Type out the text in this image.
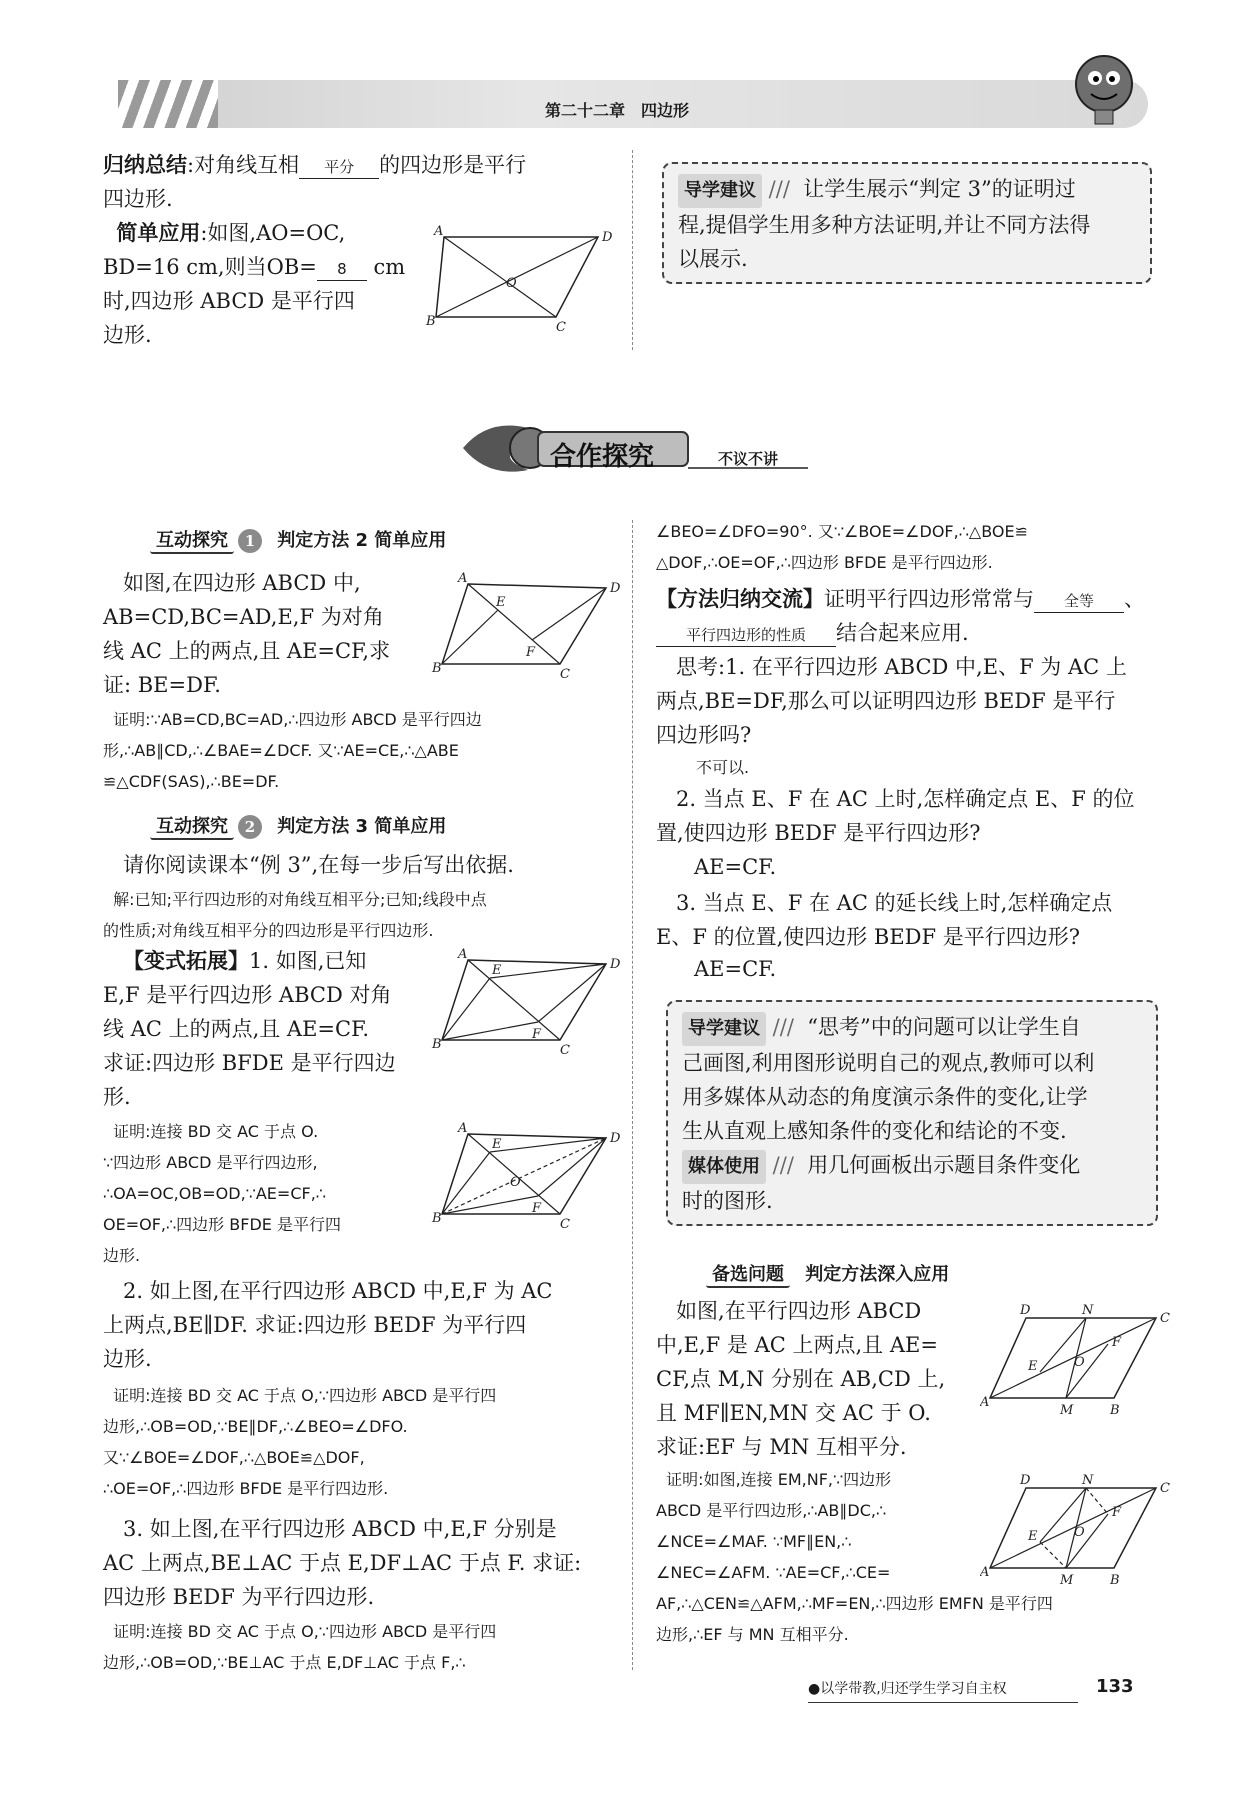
第二十二章　四边形
归纳总结:对角线互相 平分 的四边形是平行
四边形.
简单应用:如图,AO=OC,
BD=16 cm,则当OB= 8 cm
时,四边形 ABCD 是平行四
边形.
A	D
B	C
O
导学建议 ///  让学生展示“判定 3”的证明过
程,提倡学生用多种方法证明,并让不同方法得
以展示.
合作探究	不议不讲
互动探究 1 判定方法 2 简单应用
如图,在四边形 ABCD 中,
AB=CD,BC=AD,E,F 为对角
线 AC 上的两点,且 AE=CF,求
证: BE=DF.
A
D
B	C
E
F
证明:∵AB=CD,BC=AD,∴四边形 ABCD 是平行四边
形,∴AB∥CD,∴∠BAE=∠DCF. 又∵AE=CE,∴△ABE
≌△CDF(SAS),∴BE=DF.
互动探究 2 判定方法 3 简单应用
请你阅读课本“例 3”,在每一步后写出依据.
解:已知;平行四边形的对角线互相平分;已知;线段中点
的性质;对角线互相平分的四边形是平行四边形.
【变式拓展】1. 如图,已知
E,F 是平行四边形 ABCD 对角
线 AC 上的两点,且 AE=CF.
求证:四边形 BFDE 是平行四边
形.
A
D
B	C
E
F
证明:连接 BD 交 AC 于点 O.
∵四边形 ABCD 是平行四边形,
∴OA=OC,OB=OD,∵AE=CF,∴
OE=OF,∴四边形 BFDE 是平行四
边形.
A
D
B	C
E
F
O
2. 如上图,在平行四边形 ABCD 中,E,F 为 AC
上两点,BE∥DF. 求证:四边形 BEDF 为平行四
边形.
证明:连接 BD 交 AC 于点 O,∵四边形 ABCD 是平行四
边形,∴OB=OD,∵BE∥DF,∴∠BEO=∠DFO.
又∵∠BOE=∠DOF,∴△BOE≌△DOF,
∴OE=OF,∴四边形 BFDE 是平行四边形.
3. 如上图,在平行四边形 ABCD 中,E,F 分别是
AC 上两点,BE⊥AC 于点 E,DF⊥AC 于点 F. 求证:
四边形 BEDF 为平行四边形.
证明:连接 BD 交 AC 于点 O,∵四边形 ABCD 是平行四
边形,∴OB=OD,∵BE⊥AC 于点 E,DF⊥AC 于点 F,∴
∠BEO=∠DFO=90°. 又∵∠BOE=∠DOF,∴△BOE≌
△DOF,∴OE=OF,∴四边形 BFDE 是平行四边形.
【方法归纳交流】证明平行四边形常常与 全等 、
平行四边形的性质 结合起来应用.
思考:1. 在平行四边形 ABCD 中,E、F 为 AC 上
两点,BE=DF,那么可以证明四边形 BEDF 是平行
四边形吗?
不可以.
2. 当点 E、F 在 AC 上时,怎样确定点 E、F 的位
置,使四边形 BEDF 是平行四边形?
AE=CF.
3. 当点 E、F 在 AC 的延长线上时,怎样确定点
E、F 的位置,使四边形 BEDF 是平行四边形?
AE=CF.
导学建议 ///  “思考”中的问题可以让学生自
己画图,利用图形说明自己的观点,教师可以利
用多媒体从动态的角度演示条件的变化,让学
生从直观上感知条件的变化和结论的不变.
媒体使用 ///  用几何画板出示题目条件变化
时的图形.
备选问题 判定方法深入应用
如图,在平行四边形 ABCD
中,E,F 是 AC 上两点,且 AE=
CF,点 M,N 分别在 AB,CD 上,
且 MF∥EN,MN 交 AC 于 O.
求证:EF 与 MN 互相平分.
D	N
C
A
M	B
E
F
O
证明:如图,连接 EM,NF,∵四边形
ABCD 是平行四边形,∴AB∥DC,∴
∠NCE=∠MAF. ∵MF∥EN,∴
∠NEC=∠AFM. ∵AE=CF,∴CE=
AF,∴△CEN≌△AFM,∴MF=EN,∴四边形 EMFN 是平行四
边形,∴EF 与 MN 互相平分.
D	N
C
A
M	B
E
F
O
●以学带教,归还学生学习自主权	133
